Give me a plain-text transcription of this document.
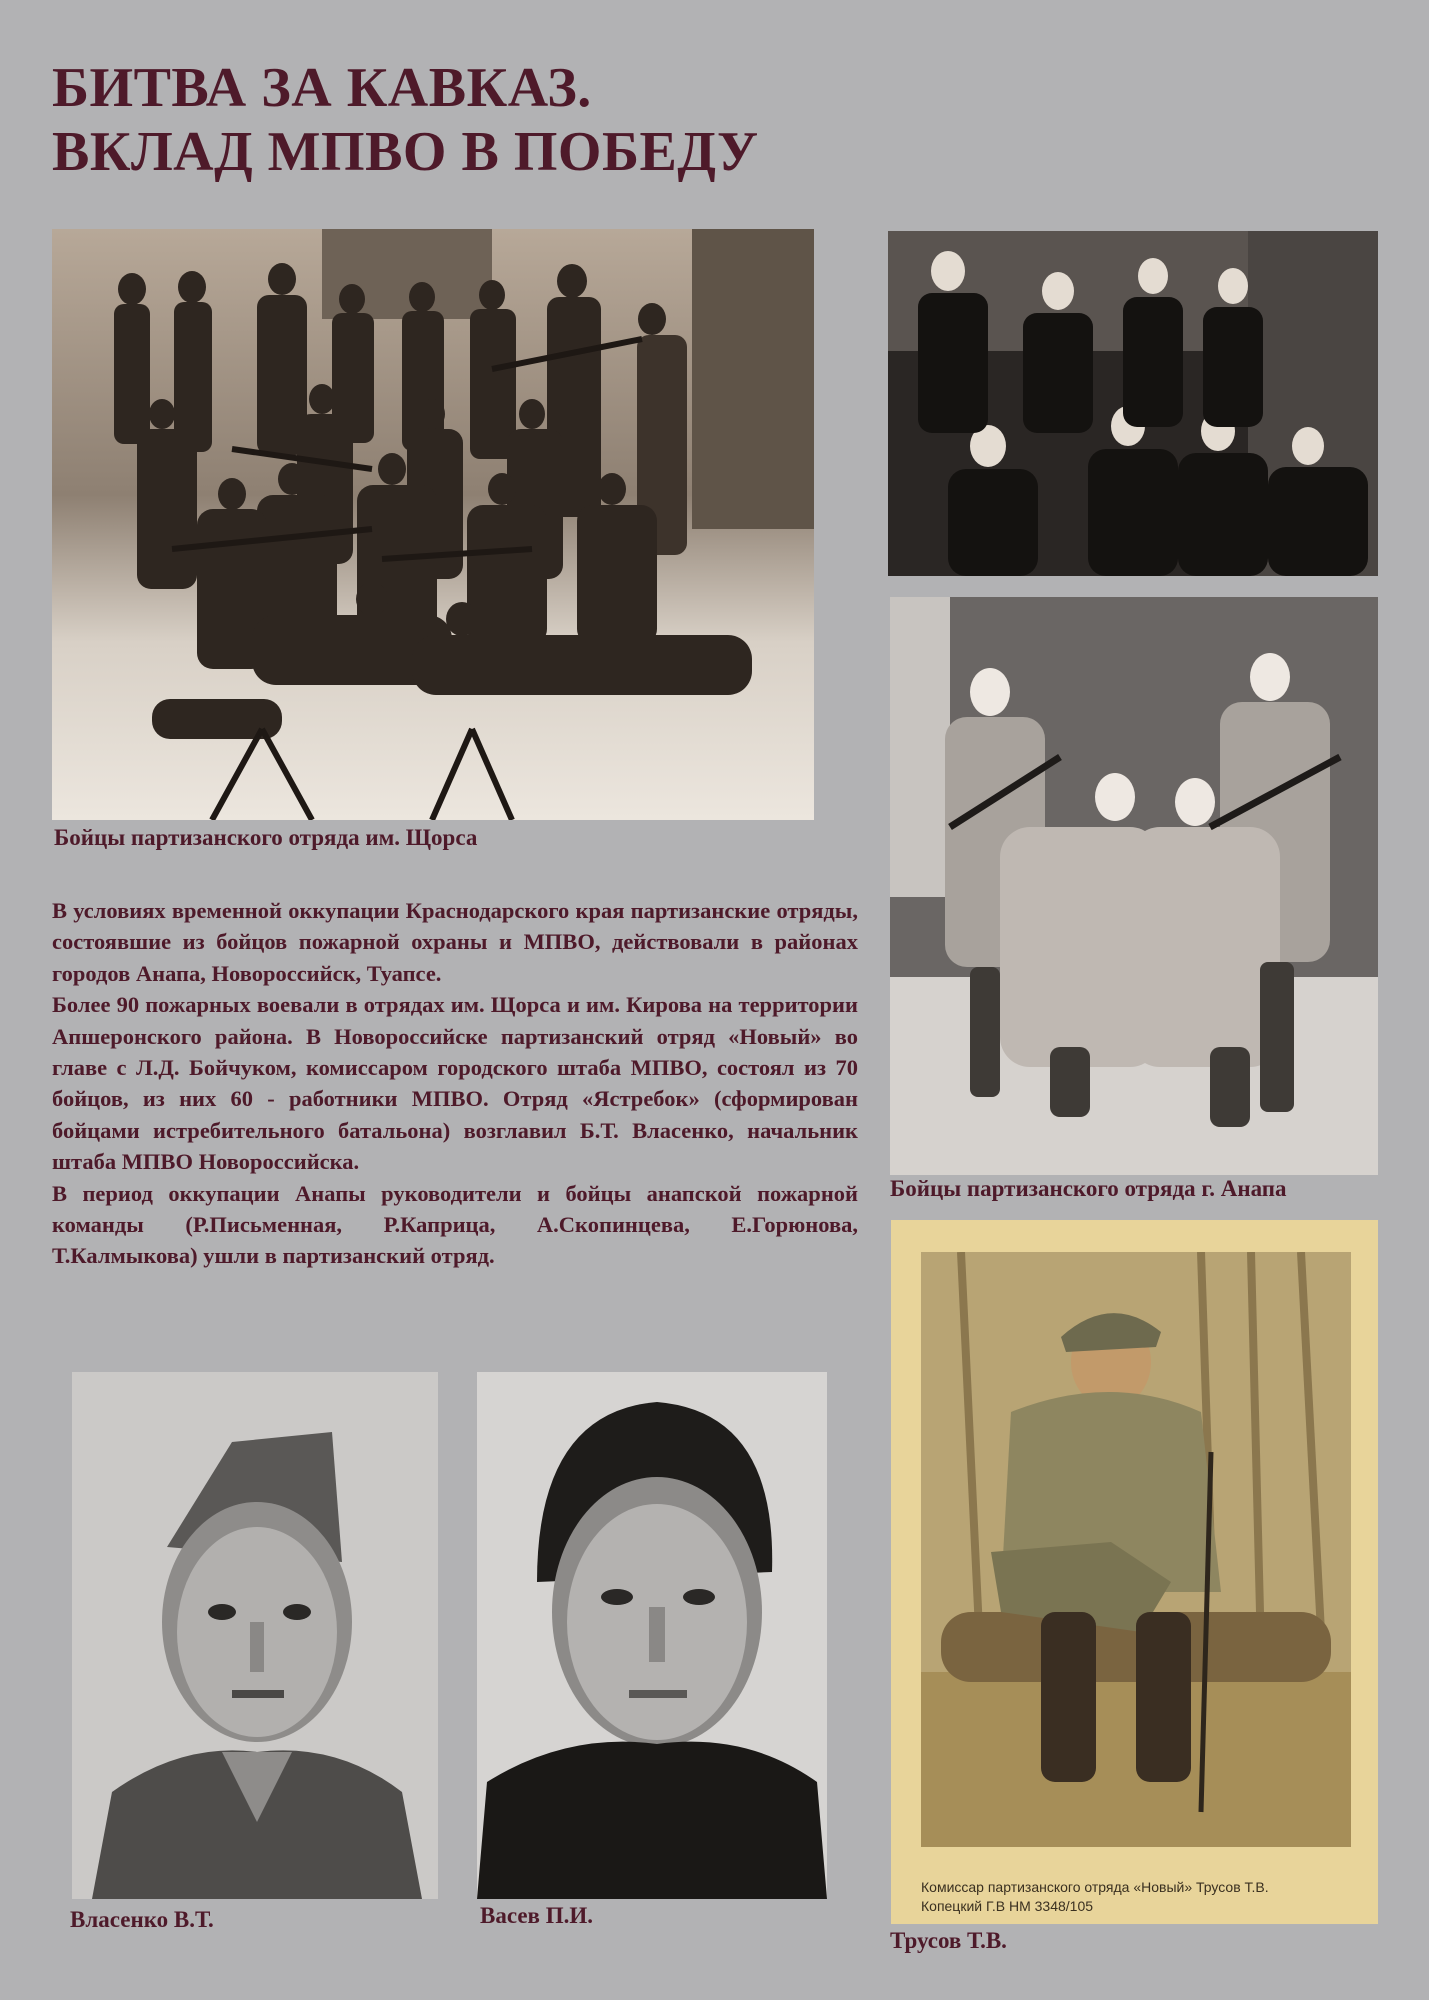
БИТВА ЗА КАВКАЗ.
ВКЛАД МПВО В ПОБЕДУ
Бойцы партизанского отряда им. Щорса
Бойцы партизанского отряда г. Анапа

В условиях временной оккупации Краснодарского края партизанские отряды, состоявшие из бойцов пожарной охраны и МПВО, действовали в районах городов Анапа, Новороссийск, Туапсе.

Более 90 пожарных воевали в отрядах им. Щорса и им. Кирова на территории Апшеронского района. В Новороссийске партизанский отряд «Новый» во главе с Л.Д. Бойчуком, комиссаром городского штаба МПВО, состоял из 70 бойцов, из них 60 - работники МПВО. Отряд «Ястребок» (сформирован бойцами истребительного батальона) возглавил Б.Т. Власенко, начальник штаба МПВО Новороссийска.

В период оккупации Анапы руководители и бойцы анапской пожарной команды (Р.Письменная, Р.Каприца, А.Скопинцева, Е.Горюнова, Т.Калмыкова) ушли в партизанский отряд.

Власенко В.Т.	Васев П.И.
Комиссар партизанского отряда «Новый» Трусов Т.В.
Копецкий Г.В НМ 3348/105
Трусов Т.В.
